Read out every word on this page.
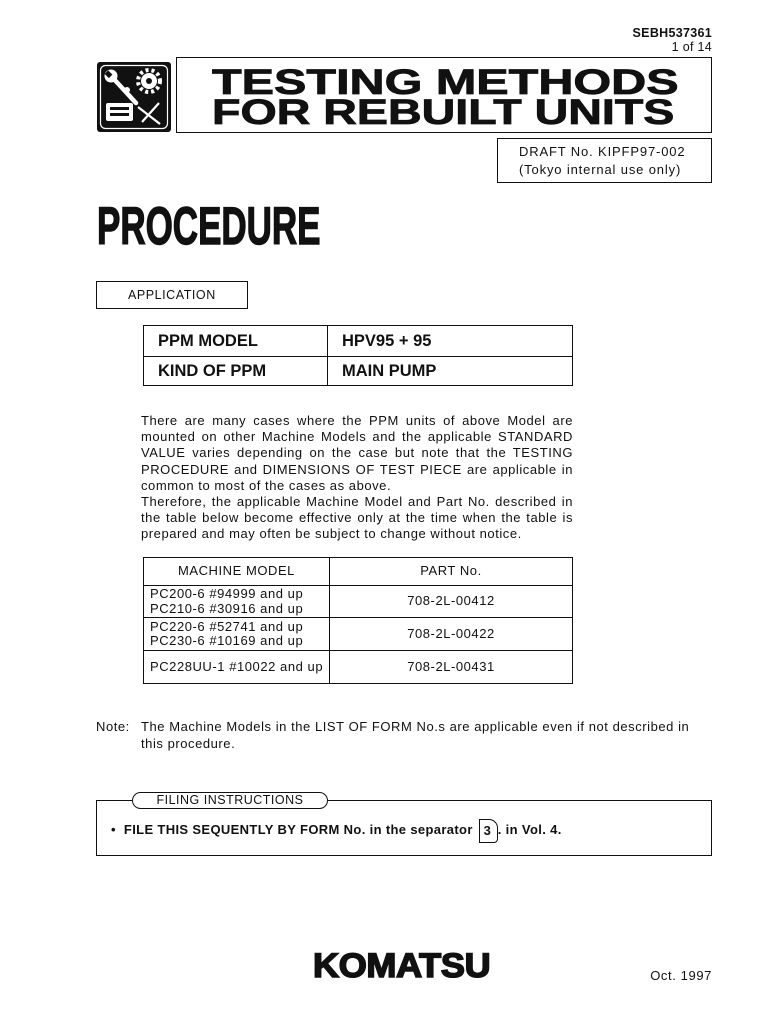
SEBH537361
1 of 14
TESTING METHODS
FOR REBUILT UNITS
DRAFT No. KIPFP97-002
(Tokyo internal use only)
PROCEDURE
APPLICATION
PPM MODEL	HPV95 + 95
KIND OF PPM	MAIN PUMP
There are many cases where the PPM units of above Model are
mounted on other Machine Models and the applicable STANDARD
VALUE varies depending on the case but note that the TESTING
PROCEDURE and DIMENSIONS OF TEST PIECE are applicable in
common to most of the cases as above.
Therefore, the applicable Machine Model and Part No. described in
the table below become effective only at the time when the table is
prepared and may often be subject to change without notice.
MACHINE MODEL	PART No.
PC200-6 #94999 and up
PC210-6 #30916 and up	708-2L-00412
PC220-6 #52741 and up
PC230-6 #10169 and up	708-2L-00422
PC228UU-1 #10022 and up	708-2L-00431
Note: The Machine Models in the LIST OF FORM No.s are applicable even if not described in
this procedure.
FILING INSTRUCTIONS
• FILE THIS SEQUENTLY BY FORM No. in the separator 3 . in Vol. 4.
KOMATSU	Oct. 1997
